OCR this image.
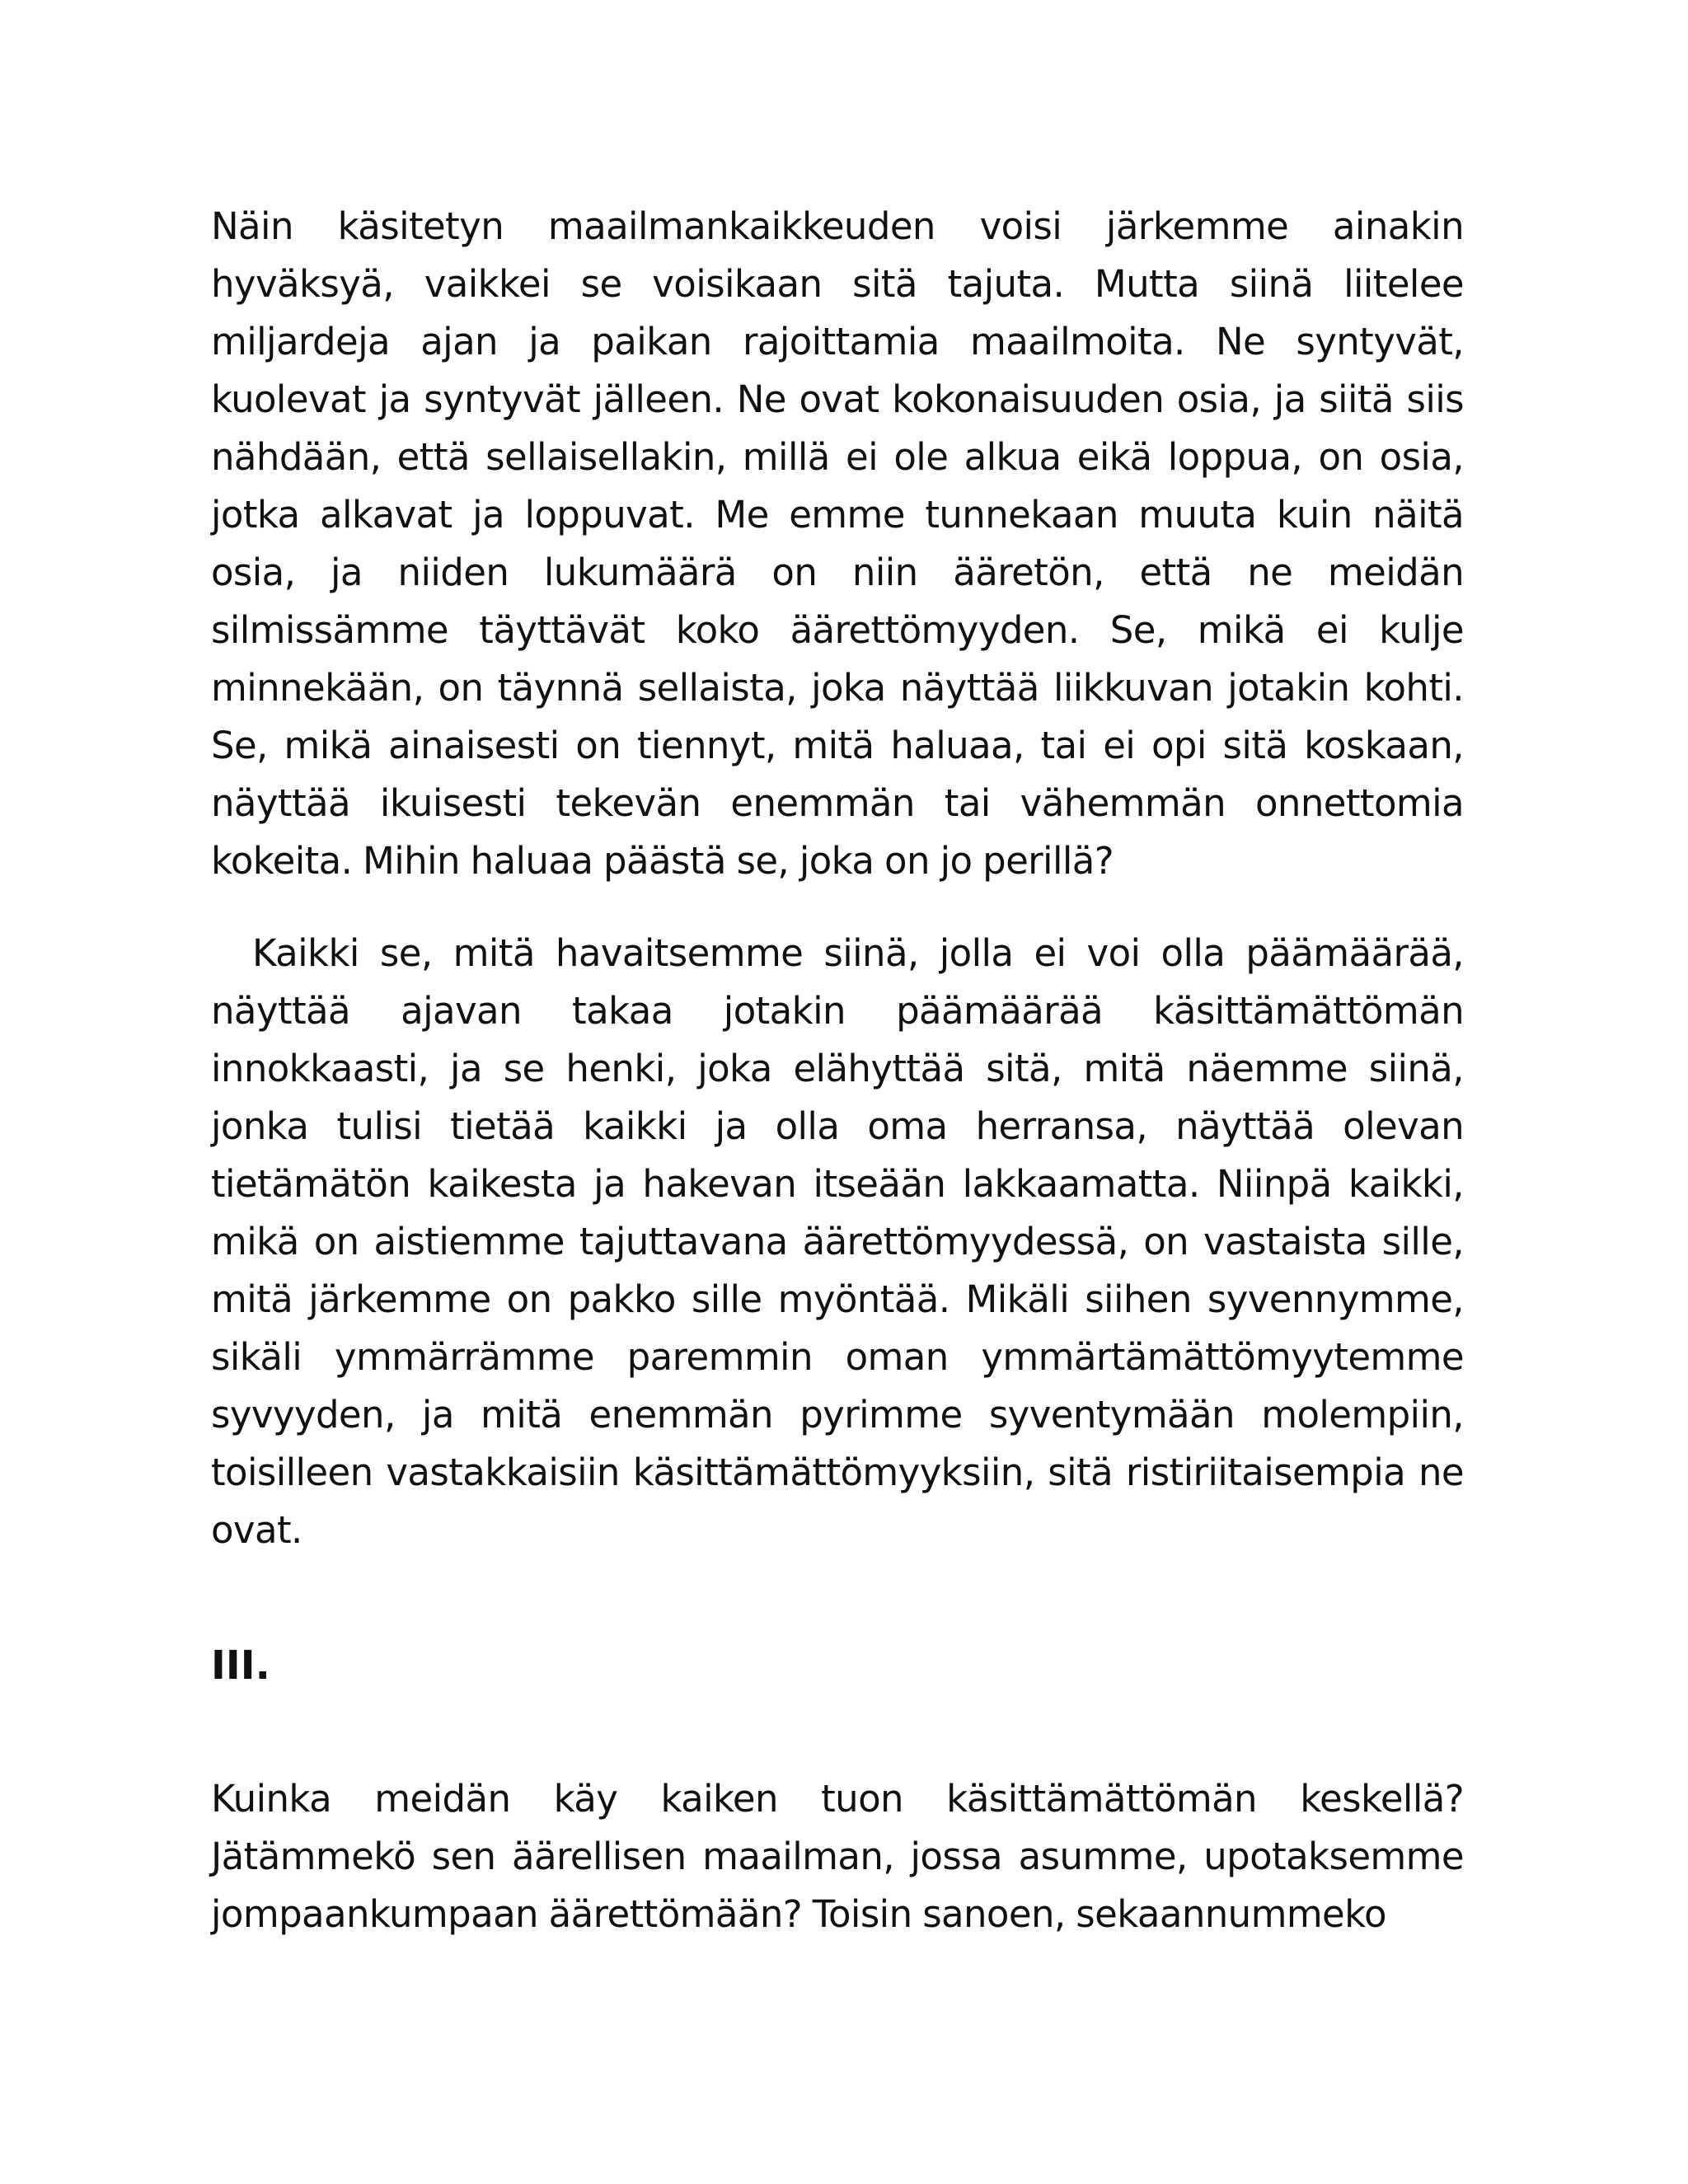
Näin käsitetyn maailmankaikkeuden voisi järkemme ainakin hyväksyä, vaikkei se voisikaan sitä tajuta. Mutta siinä liitelee miljardeja ajan ja paikan rajoittamia maailmoita. Ne syntyvät, kuolevat ja syntyvät jälleen. Ne ovat kokonaisuuden osia, ja siitä siis nähdään, että sellaisellakin, millä ei ole alkua eikä loppua, on osia, jotka alkavat ja loppuvat. Me emme tunnekaan muuta kuin näitä osia, ja niiden lukumäärä on niin ääretön, että ne meidän silmissämme täyttävät koko äärettömyyden. Se, mikä ei kulje minnekään, on täynnä sellaista, joka näyttää liikkuvan jotakin kohti. Se, mikä ainaisesti on tiennyt, mitä haluaa, tai ei opi sitä koskaan, näyttää ikuisesti tekevän enemmän tai vähemmän onnettomia kokeita. Mihin haluaa päästä se, joka on jo perillä?

Kaikki se, mitä havaitsemme siinä, jolla ei voi olla päämäärää, näyttää ajavan takaa jotakin päämäärää käsittämättömän innokkaasti, ja se henki, joka elähyttää sitä, mitä näemme siinä, jonka tulisi tietää kaikki ja olla oma herransa, näyttää olevan tietämätön kaikesta ja hakevan itseään lakkaamatta. Niinpä kaikki, mikä on aistiemme tajuttavana äärettömyydessä, on vastaista sille, mitä järkemme on pakko sille myöntää. Mikäli siihen syvennymme, sikäli ymmärrämme paremmin oman ymmärtämättömyytemme syvyyden, ja mitä enemmän pyrimme syventymään molempiin, toisilleen vastakkaisiin käsittämättömyyksiin, sitä ristiriitaisempia ne ovat.

III.

Kuinka meidän käy kaiken tuon käsittämättömän keskellä? Jätämmekö sen äärellisen maailman, jossa asumme, upotaksemme jompaankumpaan äärettömään? Toisin sanoen, sekaannummeko
